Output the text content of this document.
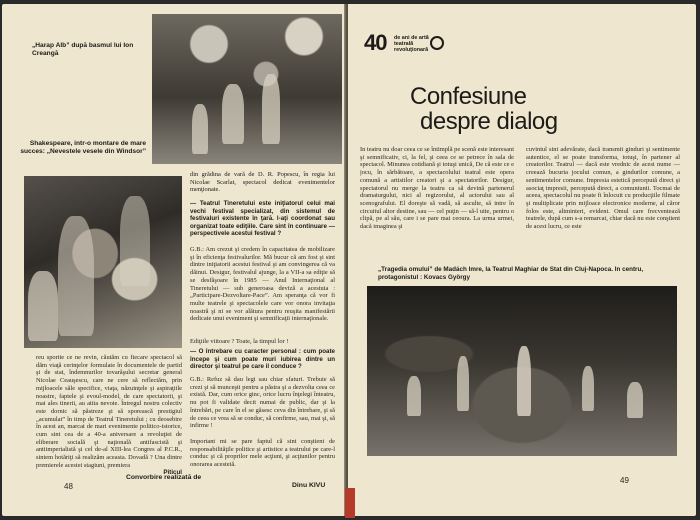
„Harap Alb” după basmul lui Ion Creangă
Shakespeare, intr-o montare de mare succes: „Nevestele vesele din Windsor”
din grădina de vară de D. R. Popescu, în regia lui Nicolae Scarlat, spectacol dedicat evenimentelor menţionate.
— Teatrul Tineretului este iniţiatorul celui mai vechi festival specializat, din sistemul de festivaluri existente în ţară. l-aţi coordonat sau organizat toate ediţiile. Care sint în continuare — perspectivele acestui festival ?
G.B.: Am crezut şi credem în capacitatea de mobilizare şi în eficienţa festivalurilor. Mă bucur că am fost şi sint dintre iniţiatorii acestui festival şi am convingerea că va dăinui. Desigur, festivalul ajunge, la a VII-a sa ediţie să se desfăşoare în 1985 — Anul Internaţional al Tineretului — sub generoasa deviză a acestuia : „Participare-Dezvoltare-Pace”. Am speranţa că vor fi multe teatrele şi spectacolele care vor onora invitaţia noastră şi ni se vor alătura pentru reuşita manifestării dedicate unui eveniment şi semnificaţii internaţionale.
Ediţiile viitoare ? Toate, la timpul lor !
— O întrebare cu caracter personal : cum poate începe şi cum poate muri iubirea dintre un director şi teatrul pe care il conduce ?
G.B.: Refuz să dau legi sau chiar sfaturi. Trebuie să crezi şi să munceşti pentru a păstra şi a dezvolta ceea ce există. Dar, cum orice ginc, orice lucru înţelegi înteatru, nu pot fi validate decit numai de public, dar şi la întrebări, pe care în el se găsesc ceva din întrebare, şi să de ceea ce vrea să se conduc, să confirme, sau, mai şi, să infirme !
Important mi se pare faptul că sint conştient de responsabilităţile politice şi artistice a teatrului pe care-l conduc şi că proprilor mele acţiuni, şi acţiunilor pentru onorarea acesteiă.
reu sporite ce ne revin, căutăm cu fiecare spectacol să dăm viaţă cerinţelor formulate în documentele de partid şi de stat, îndemnurilor tovarăşului secretar general Nicolae Ceauşescu, care ne cere să reflectăm, prin mijloacele săle specifice, viaţa, năzuinţele şi aspiraţiile noastre, faptele şi evoul-model, de care spectatorii, şi mai ales tinerii, au atita nevoie. Întregul nostru colectiv este dornic să păstreze şi să sporească prestigiul „acumulat” în timp de Teatrul Tineretului ; cu deosebire în acest an, marcat de mari evenimente politico-istorice, cum sint cea de a 40-a aniversare a revoluţiei de eliberare socială şi naţională antifascistă şi antiimperialistă şi cel de-al XIII-lea Congres al P.C.R., sintem hotăriţi să realizăm aceasta. Dovadă ? Una dintre premierele acestei stagiuni, premiera
Piticul
Convorbire realizată de
Dinu KIVU
48
40 de ani de artă teatrală revoluţionară
Confesiune
despre dialog
In teatru nu doar ceea ce se întimplă pe scenă este interesant şi semnificativ, ci, la fel, şi ceea ce se petrece în sala de spectacol. Minunea cotidiană şi totuşi unică, De că este ce e jocu, în sărbătoare, a spectacolului teatral este opera comună a artistilor creatori şi a spectatorilor. Desigur, spectatorul nu merge la teatru ca să devină partenerul dramaturgului, nici al regizorului, al actorului sau al scenografului. El doreşte să vadă, să asculte, să intre în circuitul altor destine, sau — cel puţin — să-l uite, pentru o clipă, pe al său, care i se pare mai ceoura. La urma urmei, dacă imaginea şi
cuvintul sint adevărate, dacă transmit ginduri şi sentimente autentice, el se poate transforma, totuşi, în partener al creatorilor. Teatrul — dacă este vrednic de acest nume — creează bucuria jocului comun, a gindurilor comune, a sentimentelor comune. Impresia estetică percepută direct şi asociaţ impresii, percepută direct, a comuniunii. Tocmai de aceea, spectacolul nu poate fi înlocuit cu producţiile filmate şi multiplicate prin mijloace electronice moderne, al căror folos este, altminteri, evident. Omul care frecventează teatrele, după cum s-a remarcat, chiar dacă nu este conştient de acest lucru, ce este
„Tragedia omului” de Madách Imre, la Teatrul Maghiar de Stat din Cluj-Napoca. In centru, protagonistul : Kovacs György
49
